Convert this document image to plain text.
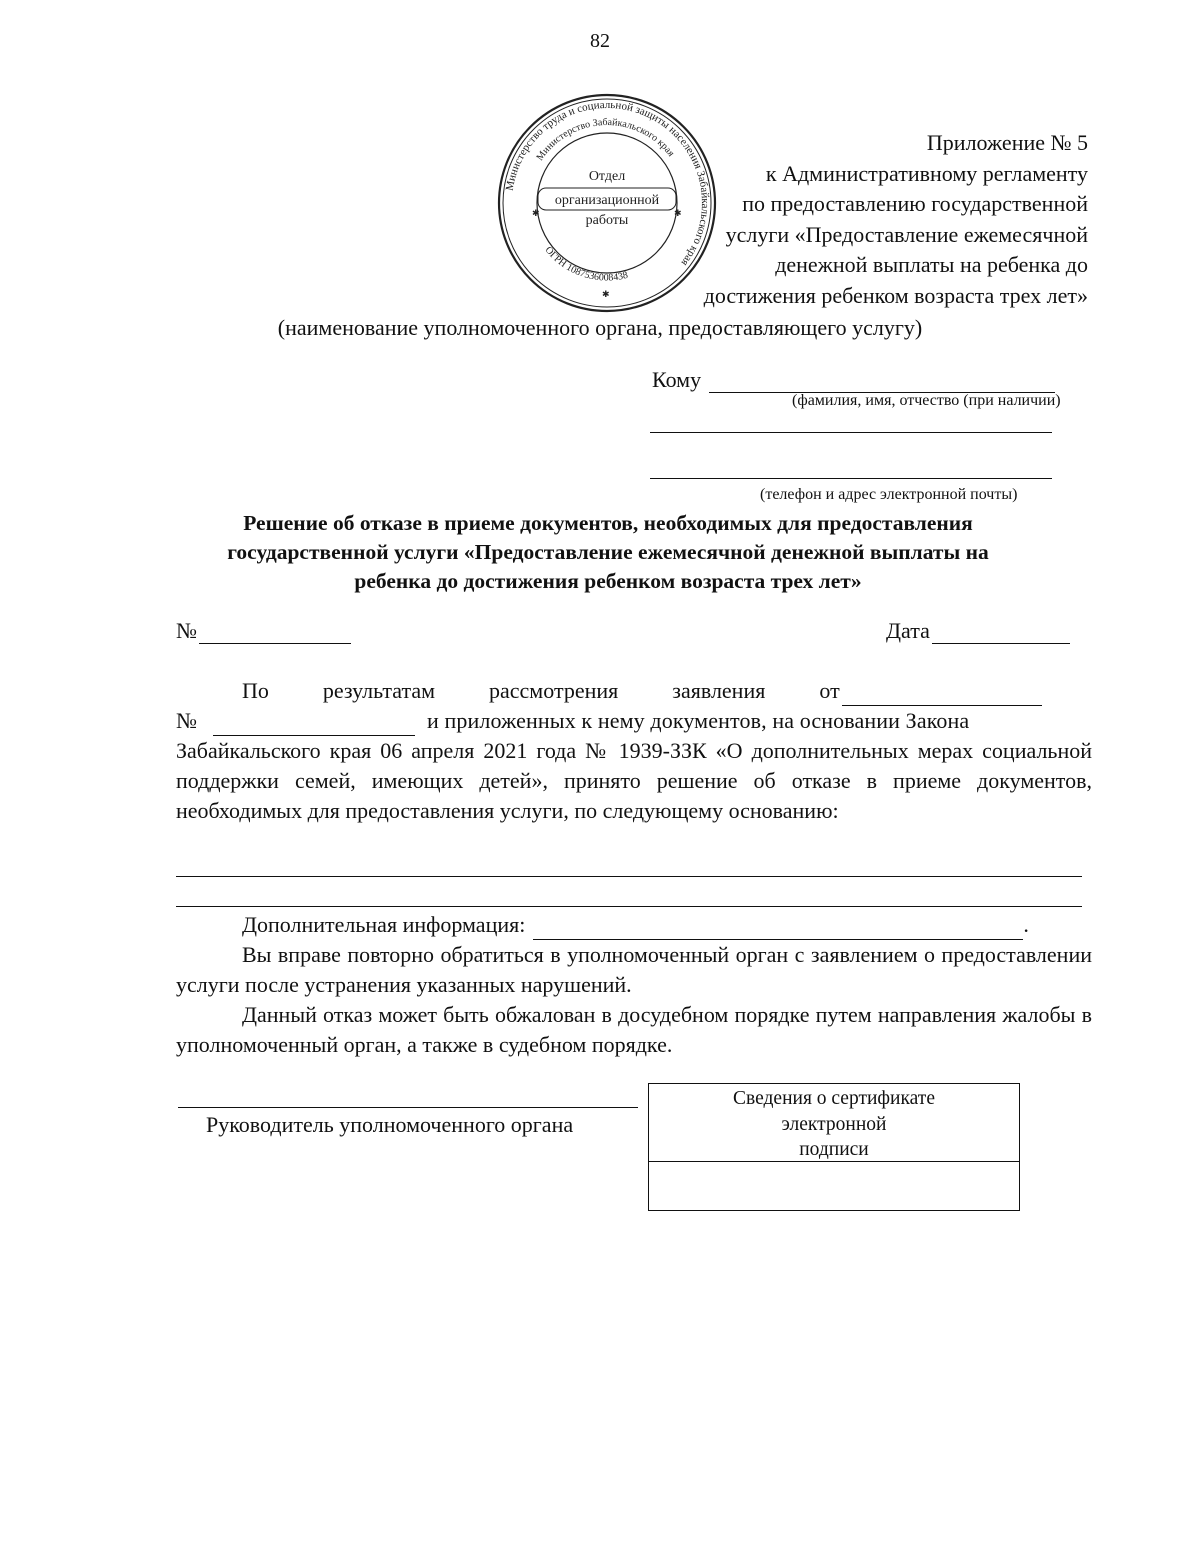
82
Министерство труда и социальной защиты населения Забайкальского края
Министерство Забайкальского края
ОГРН 1087536008438
Отдел
организационной
работы
✱	✱
✱
Приложение № 5
к Административному регламенту
по предоставлению государственной
услуги «Предоставление ежемесячной
денежной выплаты на ребенка до
достижения ребенком возраста трех лет»
(наименование уполномоченного органа, предоставляющего услугу)
Кому
(фамилия, имя, отчество (при наличии)
(телефон и адрес электронной почты)
Решение об отказе в приеме документов, необходимых для предоставления
государственной услуги «Предоставление ежемесячной денежной выплаты на
ребенка до достижения ребенком возраста трех лет»
№	Дата
По результатам рассмотрения заявления от
№	и приложенных к нему документов, на основании Закона
Забайкальского края 06 апреля 2021 года № 1939-ЗЗК «О дополнительных мерах социальной поддержки семей, имеющих детей», принято решение об отказе в приеме документов, необходимых для предоставления услуги, по следующему основанию:
Дополнительная информация:	.
Вы вправе повторно обратиться в уполномоченный орган с заявлением о предоставлении услуги после устранения указанных нарушений.
Данный отказ может быть обжалован в досудебном порядке путем направления жалобы в уполномоченный орган, а также в судебном порядке.
Руководитель уполномоченного органа
Сведения о сертификате
электронной
подписи
